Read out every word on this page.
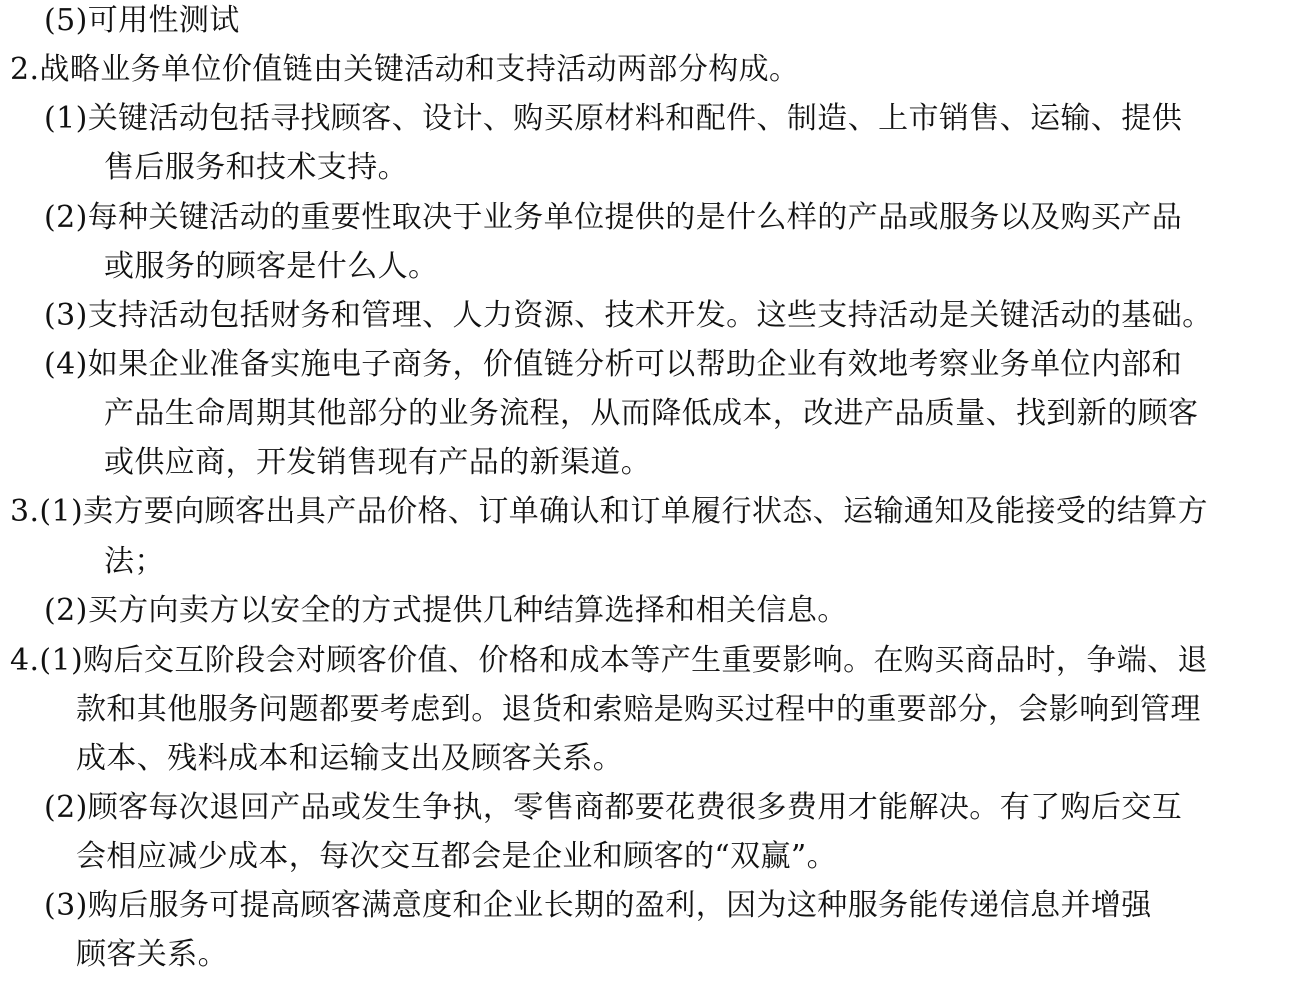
(5)可用性测试
2.战略业务单位价值链由关键活动和支持活动两部分构成。
(1)关键活动包括寻找顾客、设计、购买原材料和配件、制造、上市销售、运输、提供
售后服务和技术支持。
(2)每种关键活动的重要性取决于业务单位提供的是什么样的产品或服务以及购买产品
或服务的顾客是什么人。
(3)支持活动包括财务和管理、人力资源、技术开发。这些支持活动是关键活动的基础。
(4)如果企业准备实施电子商务，价值链分析可以帮助企业有效地考察业务单位内部和
产品生命周期其他部分的业务流程，从而降低成本，改进产品质量、找到新的顾客
或供应商，开发销售现有产品的新渠道。
3.(1)卖方要向顾客出具产品价格、订单确认和订单履行状态、运输通知及能接受的结算方
法；
(2)买方向卖方以安全的方式提供几种结算选择和相关信息。
4.(1)购后交互阶段会对顾客价值、价格和成本等产生重要影响。在购买商品时，争端、退
款和其他服务问题都要考虑到。退货和索赔是购买过程中的重要部分，会影响到管理
成本、残料成本和运输支出及顾客关系。
(2)顾客每次退回产品或发生争执，零售商都要花费很多费用才能解决。有了购后交互
会相应减少成本，每次交互都会是企业和顾客的“双赢”。
(3)购后服务可提高顾客满意度和企业长期的盈利，因为这种服务能传递信息并增强
顾客关系。
